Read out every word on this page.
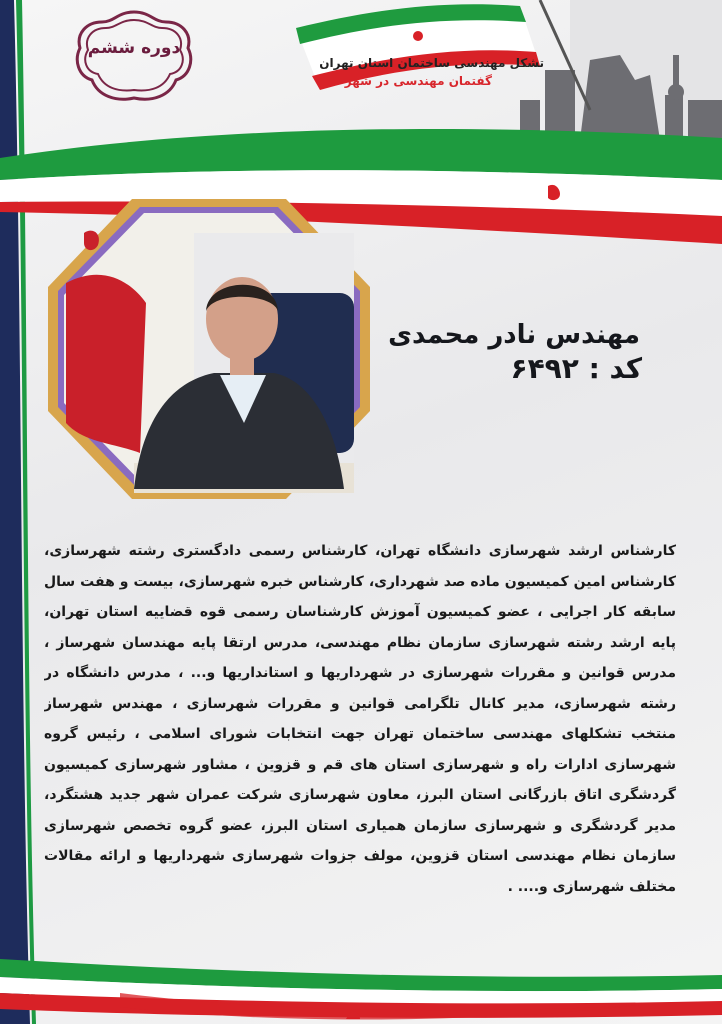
دوره ششم
تشکل مهندسی ساختمان استان تهران
گفتمان مهندسی در شهر
مهندس نادر محمدی
کد : ۶۴۹۲
کارشناس ارشد شهرسازی دانشگاه تهران، کارشناس رسمی دادگستری رشته شهرسازی، کارشناس امین کمیسیون ماده صد شهرداری، کارشناس خبره شهرسازی، بیست و هفت سال سابقه کار اجرایی ، عضو کمیسیون آموزش کارشناسان رسمی قوه قضاییه استان تهران، پایه ارشد رشته شهرسازی سازمان نظام مهندسی، مدرس ارتقا پایه مهندسان شهرساز ، مدرس قوانین و مقررات شهرسازی در شهرداریها و استانداریها و... ، مدرس دانشگاه در رشته شهرسازی، مدیر کانال تلگرامی قوانین و مقررات شهرسازی ، مهندس شهرساز منتخب تشکلهای مهندسی ساختمان تهران جهت انتخابات شورای اسلامی ، رئیس گروه شهرسازی ادارات راه و شهرسازی استان های قم و قزوین ، مشاور شهرسازی کمیسیون گردشگری اتاق بازرگانی استان البرز، معاون شهرسازی شرکت عمران شهر جدید هشتگرد، مدیر گردشگری و شهرسازی سازمان همیاری استان البرز، عضو گروه تخصص شهرسازی سازمان نظام مهندسی استان قزوین، مولف جزوات شهرسازی شهرداریها و ارائه مقالات مختلف شهرسازی و.... .
